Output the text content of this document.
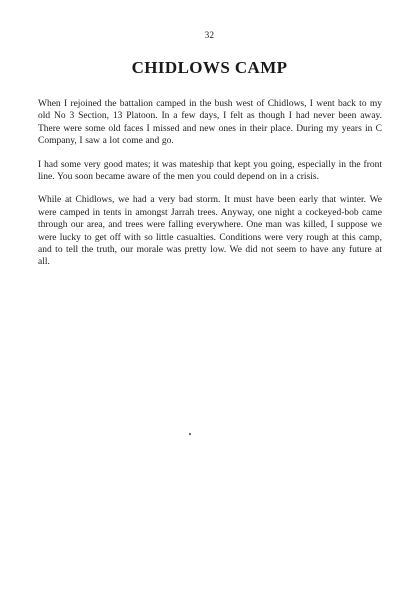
32
CHIDLOWS CAMP

When I rejoined the battalion camped in the bush west of Chidlows, I went back to my old No 3 Section, 13 Platoon. In a few days, I felt as though I had never been away. There were some old faces I missed and new ones in their place. During my years in C Company, I saw a lot come and go.

I had some very good mates; it was mateship that kept you going, especially in the front line. You soon became aware of the men you could depend on in a crisis.

While at Chidlows, we had a very bad storm. It must have been early that winter. We were camped in tents in amongst Jarrah trees. Anyway, one night a cockeyed-bob came through our area, and trees were falling everywhere. One man was killed, I suppose we were lucky to get off with so little casualties. Conditions were very rough at this camp, and to tell the truth, our morale was pretty low. We did not seem to have any future at all.
